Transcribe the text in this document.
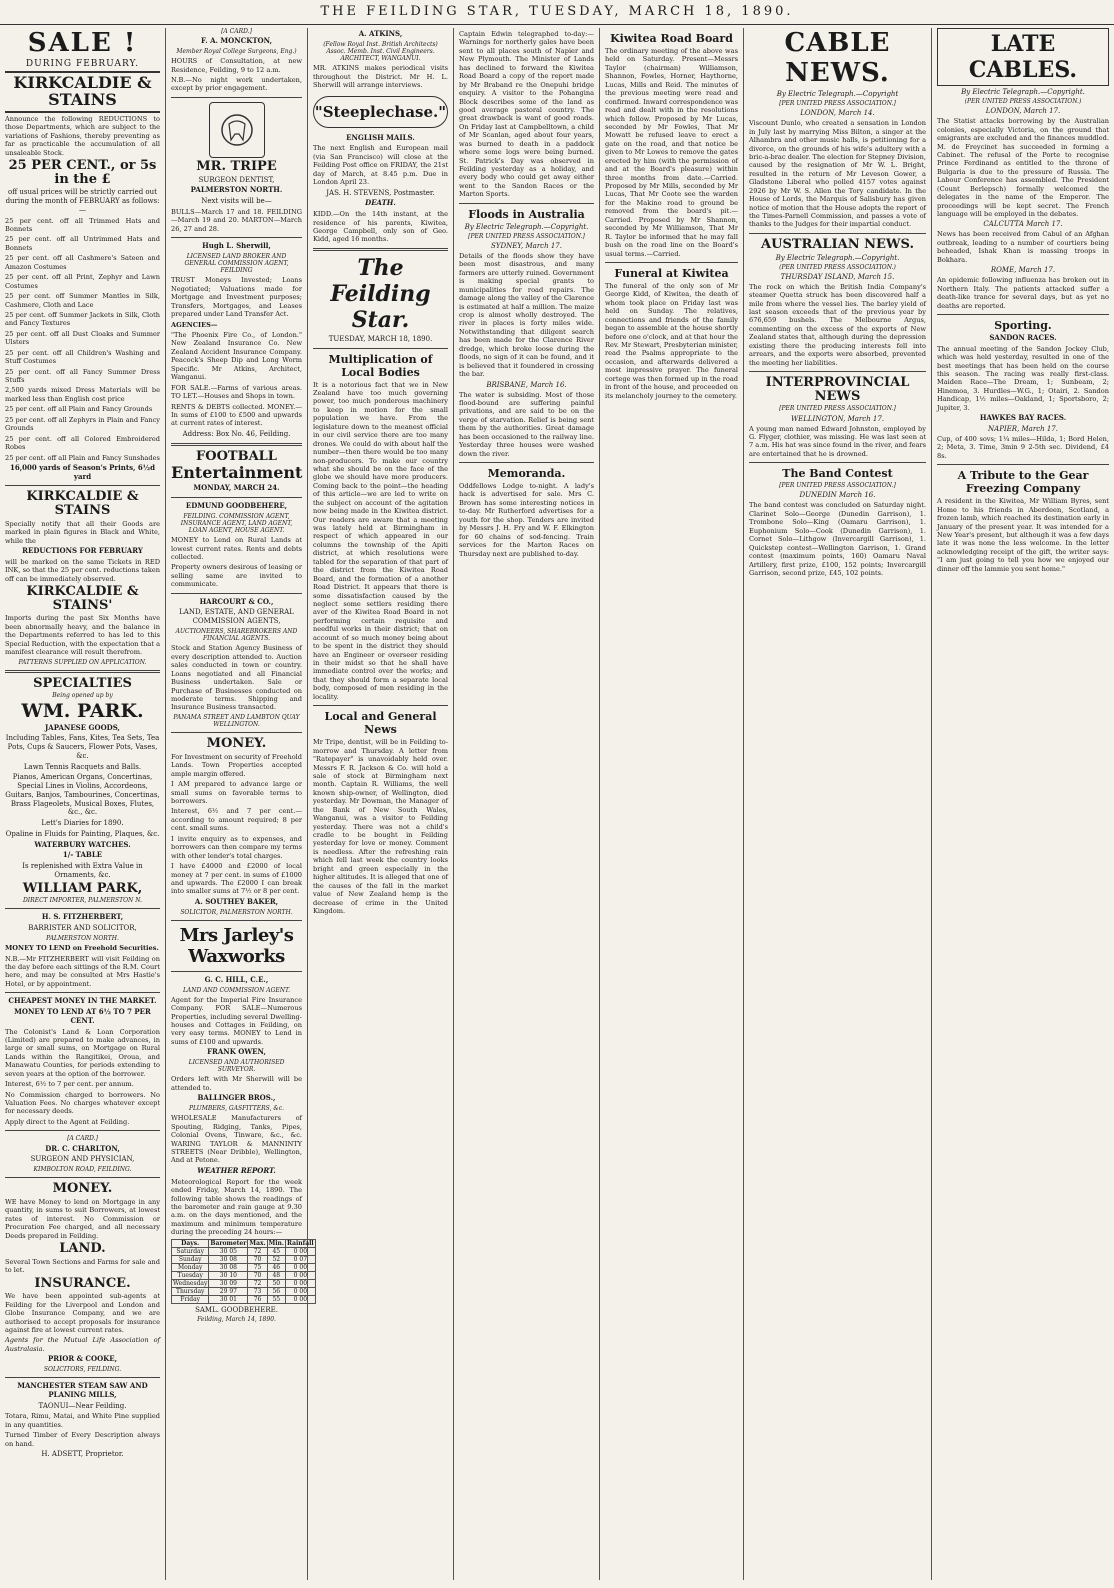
THE FEILDING STAR, TUESDAY, MARCH 18, 1890.
SALE !
DURING FEBRUARY.
KIRKCALDIE & STAINS
Announce the following REDUCTIONS to those Departments, which are subject to the variations of Fashions, thereby preventing as far as practicable the accumulation of all unsaleable Stock.
25 PER CENT., or 5s in the £
off usual prices will be strictly carried out during the month of FEBRUARY as follows:—
25 per cent. off all Trimmed Hats and Bonnets
25 per cent. off all Untrimmed Hats and Bonnets
25 per cent. off all Cashmere's Sateen and Amazon Costumes
25 per cent. off all Print, Zephyr and Lawn Costumes
25 per cent. off Summer Mantles in Silk, Cashmere, Cloth and Lace
25 per cent. off Summer Jackets in Silk, Cloth and Fancy Textures
25 per cent. off all Dust Cloaks and Summer Ulsters
25 per cent. off all Children's Washing and Stuff Costumes
25 per cent. off all Fancy Summer Dress Stuffs
2,500 yards mixed Dress Materials will be marked less than English cost price
25 per cent. off all Plain and Fancy Grounds
25 per cent. off all Zephyrs in Plain and Fancy Grounds
25 per cent. off all Colored Embroidered Robes
25 per cent. off all Plain and Fancy Sunshades
16,000 yards of Season's Prints, 6½d yard
KIRKCALDIE & STAINS
Specially notify that all their Goods are marked in plain figures in Black and White, while the
REDUCTIONS FOR FEBRUARY
will be marked on the same Tickets in RED INK, so that the 25 per cent. reductions taken off can be immediately observed.
KIRKCALDIE & STAINS'
Imports during the past Six Months have been abnormally heavy, and the balance in the Departments referred to has led to this Special Reduction, with the expectation that a manifest clearance will result therefrom.
PATTERNS SUPPLIED ON APPLICATION.
SPECIALTIES
Being opened up by
WM. PARK.
JAPANESE GOODS,
Including Tables, Fans, Kites, Tea Sets, Tea Pots, Cups & Saucers, Flower Pots, Vases, &c.
Lawn Tennis Racquets and Balls.
Pianos, American Organs, Concertinas, Special Lines in Violins, Accordeons, Guitars, Banjos, Tambourines, Concertinas, Brass Flageolets, Musical Boxes, Flutes, &c., &c.
Lett's Diaries for 1890.
Opaline in Fluids for Painting, Plaques, &c.
WATERBURY WATCHES.
1/- TABLE
Is replenished with Extra Value in Ornaments, &c.
WILLIAM PARK,
DIRECT IMPORTER, PALMERSTON N.
H. S. FITZHERBERT,
BARRISTER AND SOLICITOR,
PALMERSTON NORTH.
MONEY TO LEND on Freehold Securities.
N.B.—Mr FITZHERBERT will visit Feilding on the day before each sittings of the R.M. Court here, and may be consulted at Mrs Hastie's Hotel, or by appointment.
CHEAPEST MONEY IN THE MARKET.
MONEY TO LEND AT 6½ TO 7 PER CENT.
The Colonist's Land & Loan Corporation (Limited) are prepared to make advances, in large or small sums, on Mortgage on Rural Lands within the Rangitikei, Oroua, and Manawatu Counties, for periods extending to seven years at the option of the borrower.
Interest, 6½ to 7 per cent. per annum.
No Commission charged to borrowers. No Valuation Fees. No charges whatever except for necessary deeds.
Apply direct to the Agent at Feilding.
[A CARD.]
DR. C. CHARLTON,
SURGEON AND PHYSICIAN,
KIMBOLTON ROAD, FEILDING.
MONEY.
WE have Money to lend on Mortgage in any quantity, in sums to suit Borrowers, at lowest rates of interest. No Commission or Procuration Fee charged, and all necessary Deeds prepared in Feilding.
LAND.
Several Town Sections and Farms for sale and to let.
INSURANCE.
We have been appointed sub-agents at Feilding for the Liverpool and London and Globe Insurance Company, and we are authorised to accept proposals for insurance against fire at lowest current rates.
Agents for the Mutual Life Association of Australasia.
PRIOR & COOKE,
SOLICITORS, FEILDING.
MANCHESTER STEAM SAW AND PLANING MILLS,
TAONUI—Near Feilding.
Totara, Rimu, Matai, and White Pine supplied in any quantities.
Turned Timber of Every Description always on hand.
H. ADSETT, Proprietor.
[A CARD.]
F. A. MONCKTON,
Member Royal College Surgeons, Eng.)
HOURS of Consultation, at new Residence, Feilding, 9 to 12 a.m.
N.B.—No night work undertaken, except by prior engagement.
MR. TRIPE
SURGEON DENTIST,
PALMERSTON NORTH.
Next visits will be—
BULLS—March 17 and 18. FEILDING—March 19 and 20. MARTON—March 26, 27 and 28.
Hugh L. Sherwill,
LICENSED LAND BROKER AND GENERAL COMMISSION AGENT, FEILDING
TRUST Moneys Invested; Loans Negotiated; Valuations made for Mortgage and Investment purposes; Transfers, Mortgages, and Leases prepared under Land Transfer Act.
AGENCIES—
"The Phoenix Fire Co., of London." New Zealand Insurance Co. New Zealand Accident Insurance Company. Peacock's Sheep Dip and Long Worm Specific. Mr Atkins, Architect, Wanganui.
FOR SALE.—Farms of various areas. TO LET.—Houses and Shops in town.
RENTS & DEBTS collected. MONEY.—In sums of £100 to £500 and upwards at current rates of interest.
Address: Box No. 46, Feilding.
FOOTBALL
Entertainment
MONDAY, MARCH 24.
EDMUND GOODBEHERE,
FEILDING. COMMISSION AGENT, INSURANCE AGENT, LAND AGENT, LOAN AGENT, HOUSE AGENT.
MONEY to Lend on Rural Lands at lowest current rates. Rents and debts collected.
Property owners desirous of leasing or selling same are invited to communicate.
HARCOURT & CO.,
LAND, ESTATE, AND GENERAL COMMISSION AGENTS,
AUCTIONEERS, SHAREBROKERS AND FINANCIAL AGENTS.
Stock and Station Agency Business of every description attended to. Auction sales conducted in town or country. Loans negotiated and all Financial Business undertaken. Sale or Purchase of Businesses conducted on moderate terms. Shipping and Insurance Business transacted.
PANAMA STREET AND LAMBTON QUAY WELLINGTON.
MONEY.
For Investment on security of Freehold Lands. Town Properties accepted ample margin offered.
I AM prepared to advance large or small sums on favorable terms to borrowers.
Interest, 6½ and 7 per cent.—according to amount required; 8 per cent. small sums.
I invite enquiry as to expenses, and borrowers can then compare my terms with other lender's total charges.
I have £4000 and £2000 of local money at 7 per cent. in sums of £1000 and upwards. The £2000 I can break into smaller sums at 7½ or 8 per cent.
A. SOUTHEY BAKER,
SOLICITOR, PALMERSTON NORTH.
Mrs Jarley's Waxworks
G. C. HILL, C.E.,
LAND AND COMMISSION AGENT.
Agent for the Imperial Fire Insurance Company. FOR SALE—Numerous Properties, including several Dwelling-houses and Cottages in Feilding, on very easy terms. MONEY to Lend in sums of £100 and upwards.
FRANK OWEN,
LICENSED AND AUTHORISED SURVEYOR.
Orders left with Mr Sherwill will be attended to.
BALLINGER BROS.,
PLUMBERS, GASFITTERS, &c.
WHOLESALE Manufacturers of Spouting, Ridging, Tanks, Pipes, Colonial Ovens, Tinware, &c., &c. WARING TAYLOR & MANNINTY STREETS (Near Dribble), Wellington, And at Petone.
WEATHER REPORT.
Meteorological Report for the week ended Friday, March 14, 1890. The following table shows the readings of the barometer and rain gauge at 9.30 a.m. on the days mentioned, and the maximum and minimum temperature during the preceding 24 hours:—
Days.	Barometer	Max.	Min.	Rainfall
Saturday	30 05	72	45	0 00
Sunday	30 08	70	52	0 07
Monday	30 08	75	46	0 00
Tuesday	30 10	70	48	0 00
Wednesday	30 09	72	50	0 00
Thursday	29 97	73	56	0 00
Friday	30 01	76	55	0 00
SAML. GOODBEHERE.
Feilding, March 14, 1890.
A. ATKINS,
(Fellow Royal Inst. British Architects) Assoc. Memb. Inst. Civil Engineers. ARCHITECT, WANGANUI.
MR. ATKINS makes periodical visits throughout the District. Mr H. L. Sherwill will arrange interviews.
"Steeplechase."
ENGLISH MAILS.
The next English and European mail (via San Francisco) will close at the Feilding Post office on FRIDAY, the 21st day of March, at 8.45 p.m. Due in London April 23.
JAS. H. STEVENS, Postmaster.
DEATH.
KIDD.—On the 14th instant, at the residence of his parents, Kiwitea, George Campbell, only son of Geo. Kidd, aged 16 months.
The Feilding Star.
TUESDAY, MARCH 18, 1890.
Multiplication of Local Bodies
It is a notorious fact that we in New Zealand have too much governing power, too much ponderous machinery to keep in motion for the small population we have. From the legislature down to the meanest official in our civil service there are too many drones. We could do with about half the number—then there would be too many non-producers. To make our country what she should be on the face of the globe we should have more producers. Coming back to the point—the heading of this article—we are led to write on the subject on account of the agitation now being made in the Kiwitea district. Our readers are aware that a meeting was lately held at Birmingham in respect of which appeared in our columns the township of the Apiti district, at which resolutions were tabled for the separation of that part of the district from the Kiwitea Road Board, and the formation of a another Road District. It appears that there is some dissatisfaction caused by the neglect some settlers residing there aver of the Kiwitea Road Board in not performing certain requisite and needful works in their district; that on account of so much money being about to be spent in the district they should have an Engineer or overseer residing in their midst so that he shall have immediate control over the works; and that they should form a separate local body, composed of men residing in the locality.
Local and General News
Mr Tripe, dentist, will be in Feilding to-morrow and Thursday. A letter from "Ratepayer" is unavoidably held over. Messrs F. R. Jackson & Co. will hold a sale of stock at Birmingham next month. Captain R. Williams, the well known ship-owner, of Wellington, died yesterday. Mr Dowman, the Manager of the Bank of New South Wales, Wanganui, was a visitor to Feilding yesterday. There was not a child's cradle to be bought in Feilding yesterday for love or money. Comment is needless. After the refreshing rain which fell last week the country looks bright and green especially in the higher altitudes. It is alleged that one of the causes of the fall in the market value of New Zealand hemp is the decrease of crime in the United Kingdom.
Captain Edwin telegraphed to-day:—Warnings for northerly gales have been sent to all places south of Napier and New Plymouth. The Minister of Lands has declined to forward the Kiwitea Road Board a copy of the report made by Mr Braband re the Onepuhi bridge enquiry. A visitor to the Pohangina Block describes some of the land as good average pastoral country. The great drawback is want of good roads. On Friday last at Campbelltown, a child of Mr Scanlan, aged about four years, was burned to death in a paddock where some logs were being burned. St. Patrick's Day was observed in Feilding yesterday as a holiday, and every body who could get away either went to the Sandon Races or the Marton Sports.
Floods in Australia
By Electric Telegraph.—Copyright.
[PER UNITED PRESS ASSOCIATION.]
SYDNEY, March 17.
Details of the floods show they have been most disastrous, and many farmers are utterly ruined. Government is making special grants to municipalities for road repairs. The damage along the valley of the Clarence is estimated at half a million. The maize crop is almost wholly destroyed. The river in places is forty miles wide. Notwithstanding that diligent search has been made for the Clarence River dredge, which broke loose during the floods, no sign of it can be found, and it is believed that it foundered in crossing the bar.
BRISBANE, March 16.
The water is subsiding. Most of those flood-bound are suffering painful privations, and are said to be on the verge of starvation. Relief is being sent them by the authorities. Great damage has been occasioned to the railway line. Yesterday three houses were washed down the river.
Memoranda.
Oddfellows Lodge to-night. A lady's hack is advertised for sale. Mrs C. Brown has some interesting notices in to-day. Mr Rutherford advertises for a youth for the shop. Tenders are invited by Messrs J. H. Fry and W. F. Elkington for 60 chains of sod-fencing. Train services for the Marton Races on Thursday next are published to-day.
Kiwitea Road Board
The ordinary meeting of the above was held on Saturday. Present—Messrs Taylor (chairman) Williamson, Shannon, Fowles, Horner, Haythorne, Lucas, Mills and Reid. The minutes of the previous meeting were read and confirmed. Inward correspondence was read and dealt with in the resolutions which follow. Proposed by Mr Lucas, seconded by Mr Fowles, That Mr Mowatt be refused leave to erect a gate on the road, and that notice be given to Mr Lowes to remove the gates erected by him (with the permission of and at the Board's pleasure) within three months from date.—Carried. Proposed by Mr Mills, seconded by Mr Lucas, That Mr Coote see the warden for the Makino road to ground be removed from the board's pit.—Carried. Proposed by Mr Shannon, seconded by Mr Williamson, That Mr R. Taylor be informed that he may fall bush on the road line on the Board's usual terms.—Carried.
Funeral at Kiwitea
The funeral of the only son of Mr George Kidd, of Kiwitea, the death of whom took place on Friday last was held on Sunday. The relatives, connections and friends of the family began to assemble at the house shortly before one o'clock, and at that hour the Rev. Mr Stewart, Presbyterian minister, read the Psalms appropriate to the occasion, and afterwards delivered a most impressive prayer. The funeral cortege was then formed up in the road in front of the house, and proceeded on its melancholy journey to the cemetery.
CABLE NEWS.
By Electric Telegraph.—Copyright
[PER UNITED PRESS ASSOCIATION.]
LONDON, March 14.
Viscount Dunlo, who created a sensation in London in July last by marrying Miss Bilton, a singer at the Alhambra and other music halls, is petitioning for a divorce, on the grounds of his wife's adultery with a bric-a-brac dealer. The election for Stepney Division, caused by the resignation of Mr W. L. Bright, resulted in the return of Mr Leveson Gower, a Gladstone Liberal who polled 4157 votes against 2926 by Mr W. S. Allen the Tory candidate. In the House of Lords, the Marquis of Salisbury has given notice of motion that the House adopts the report of the Times-Parnell Commission, and passes a vote of thanks to the Judges for their impartial conduct.
AUSTRALIAN NEWS.
By Electric Telegraph.—Copyright.
(PER UNITED PRESS ASSOCIATION.)
THURSDAY ISLAND, March 15.
The rock on which the British India Company's steamer Quetta struck has been discovered half a mile from where the vessel lies. The barley yield of last season exceeds that of the previous year by 676,659 bushels. The Melbourne Argus, commenting on the excess of the exports of New Zealand states that, although during the depression existing there the producing interests fell into arrears, and the exports were absorbed, prevented the meeting her liabilities.
INTERPROVINCIAL NEWS
[PER UNITED PRESS ASSOCIATION.]
WELLINGTON, March 17.
A young man named Edward Johnston, employed by G. Flyger, clothier, was missing. He was last seen at 7 a.m. His hat was since found in the river, and fears are entertained that he is drowned.
The Band Contest
[PER UNITED PRESS ASSOCIATION.]
DUNEDIN March 16.
The band contest was concluded on Saturday night. Clarinet Solo—George (Dunedin Garrison), 1. Trombone Solo—King (Oamaru Garrison), 1. Euphonium Solo—Cook (Dunedin Garrison), 1. Cornet Solo—Lithgow (Invercargill Garrison), 1. Quickstep contest—Wellington Garrison, 1. Grand contest (maximum points, 160) Oamaru Naval Artillery, first prize, £100, 152 points; Invercargill Garrison, second prize, £45, 102 points.
LATE CABLES.
By Electric Telegraph.—Copyright.
(PER UNITED PRESS ASSOCIATION.)
LONDON, March 17.
The Statist attacks borrowing by the Australian colonies, especially Victoria, on the ground that emigrants are excluded and the finances muddled. M. de Freycinet has succeeded in forming a Cabinet. The refusal of the Porte to recognise Prince Ferdinand as entitled to the throne of Bulgaria is due to the pressure of Russia. The Labour Conference has assembled. The President (Count Berlepsch) formally welcomed the delegates in the name of the Emperor. The proceedings will be kept secret. The French language will be employed in the debates.
CALCUTTA March 17.
News has been received from Cabul of an Afghan outbreak, leading to a number of courtiers being beheaded, Ishak Khan is massing troops in Bokhara.
ROME, March 17.
An epidemic following influenza has broken out in Northern Italy. The patients attacked suffer a death-like trance for several days, but as yet no deaths are reported.
Sporting.
SANDON RACES.
The annual meeting of the Sandon Jockey Club, which was held yesterday, resulted in one of the best meetings that has been held on the course this season. The racing was really first-class. Maiden Race—The Dream, 1; Sunbeam, 2; Hinemoa, 3. Hurdles—W.G., 1; Otairi, 2. Sandon Handicap, 1½ miles—Oakland, 1; Sportsboro, 2; Jupiter, 3.
HAWKES BAY RACES.
NAPIER, March 17.
Cup, of 400 sovs; 1¼ miles—Hilda, 1; Bord Helen, 2; Meta, 3. Time, 3min 9 2-5th sec. Dividend, £4 8s.
A Tribute to the Gear Freezing Company
A resident in the Kiwitea, Mr William Byres, sent Home to his friends in Aberdeen, Scotland, a frozen lamb, which reached its destination early in January of the present year. It was intended for a New Year's present, but although it was a few days late it was none the less welcome. In the letter acknowledging receipt of the gift, the writer says: "I am just going to tell you how we enjoyed our dinner off the lammie you sent home."
